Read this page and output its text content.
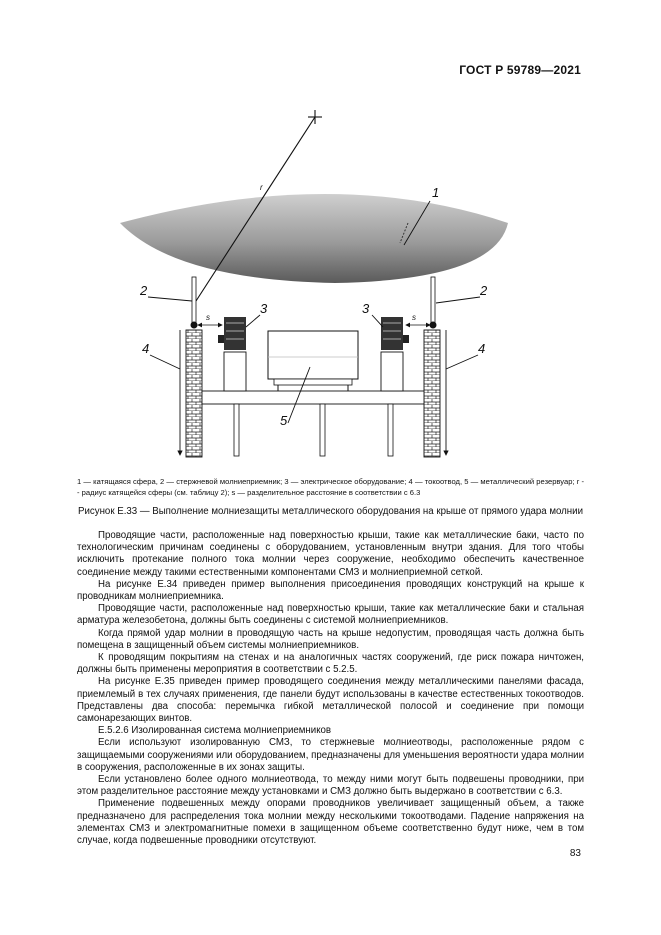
ГОСТ Р 59789—2021
r	1
2	2
s	s
4	4
3	3
5
1 — катящаяся сфера, 2 — стержневой молниеприемник; 3 — электрическое оборудование; 4 — токоотвод, 5 — металлический резервуар; r -- радиус катящейся сферы (см. таблицу 2); s — разделительное расстояние в соответствии с 6.3
Рисунок Е.33 — Выполнение молниезащиты металлического оборудования на крыше от прямого удара молнии

Проводящие части, расположенные над поверхностью крыши, такие как металлические баки, часто по технологическим причинам соединены с оборудованием, установленным внутри здания. Для того чтобы исключить протекание полного тока молнии через сооружение, необходимо обеспечить качественное соединение между такими естественными компонентами СМЗ и молниеприемной сеткой.

На рисунке Е.34 приведен пример выполнения присоединения проводящих конструкций на крыше к проводникам молниеприемника.

Проводящие части, расположенные над поверхностью крыши, такие как металлические баки и стальная арматура железобетона, должны быть соединены с системой молниеприемников.

Когда прямой удар молнии в проводящую часть на крыше недопустим, проводящая часть должна быть помещена в защищенный объем системы молниеприемников.

К проводящим покрытиям на стенах и на аналогичных частях сооружений, где риск пожара ничтожен, должны быть применены мероприятия в соответствии с 5.2.5.

На рисунке Е.35 приведен пример проводящего соединения между металлическими панелями фасада, приемлемый в тех случаях применения, где панели будут использованы в качестве естественных токоотводов. Представлены два способа: перемычка гибкой металлической полосой и соединение при помощи самонарезающих винтов.

Е.5.2.6 Изолированная система молниеприемников

Если используют изолированную СМЗ, то стержневые молниеотводы, расположенные рядом с защищаемыми сооружениями или оборудованием, предназначены для уменьшения вероятности удара молнии в сооружения, расположенные в их зонах защиты.

Если установлено более одного молниеотвода, то между ними могут быть подвешены проводники, при этом разделительное расстояние между установками и СМЗ должно быть выдержано в соответствии с 6.3.

Применение подвешенных между опорами проводников увеличивает защищенный объем, а также предназначено для распределения тока молнии между несколькими токоотводами. Падение напряжения на элементах СМЗ и электромагнитные помехи в защищенном объеме соответственно будут ниже, чем в том случае, когда подвешенные проводники отсутствуют.

83
